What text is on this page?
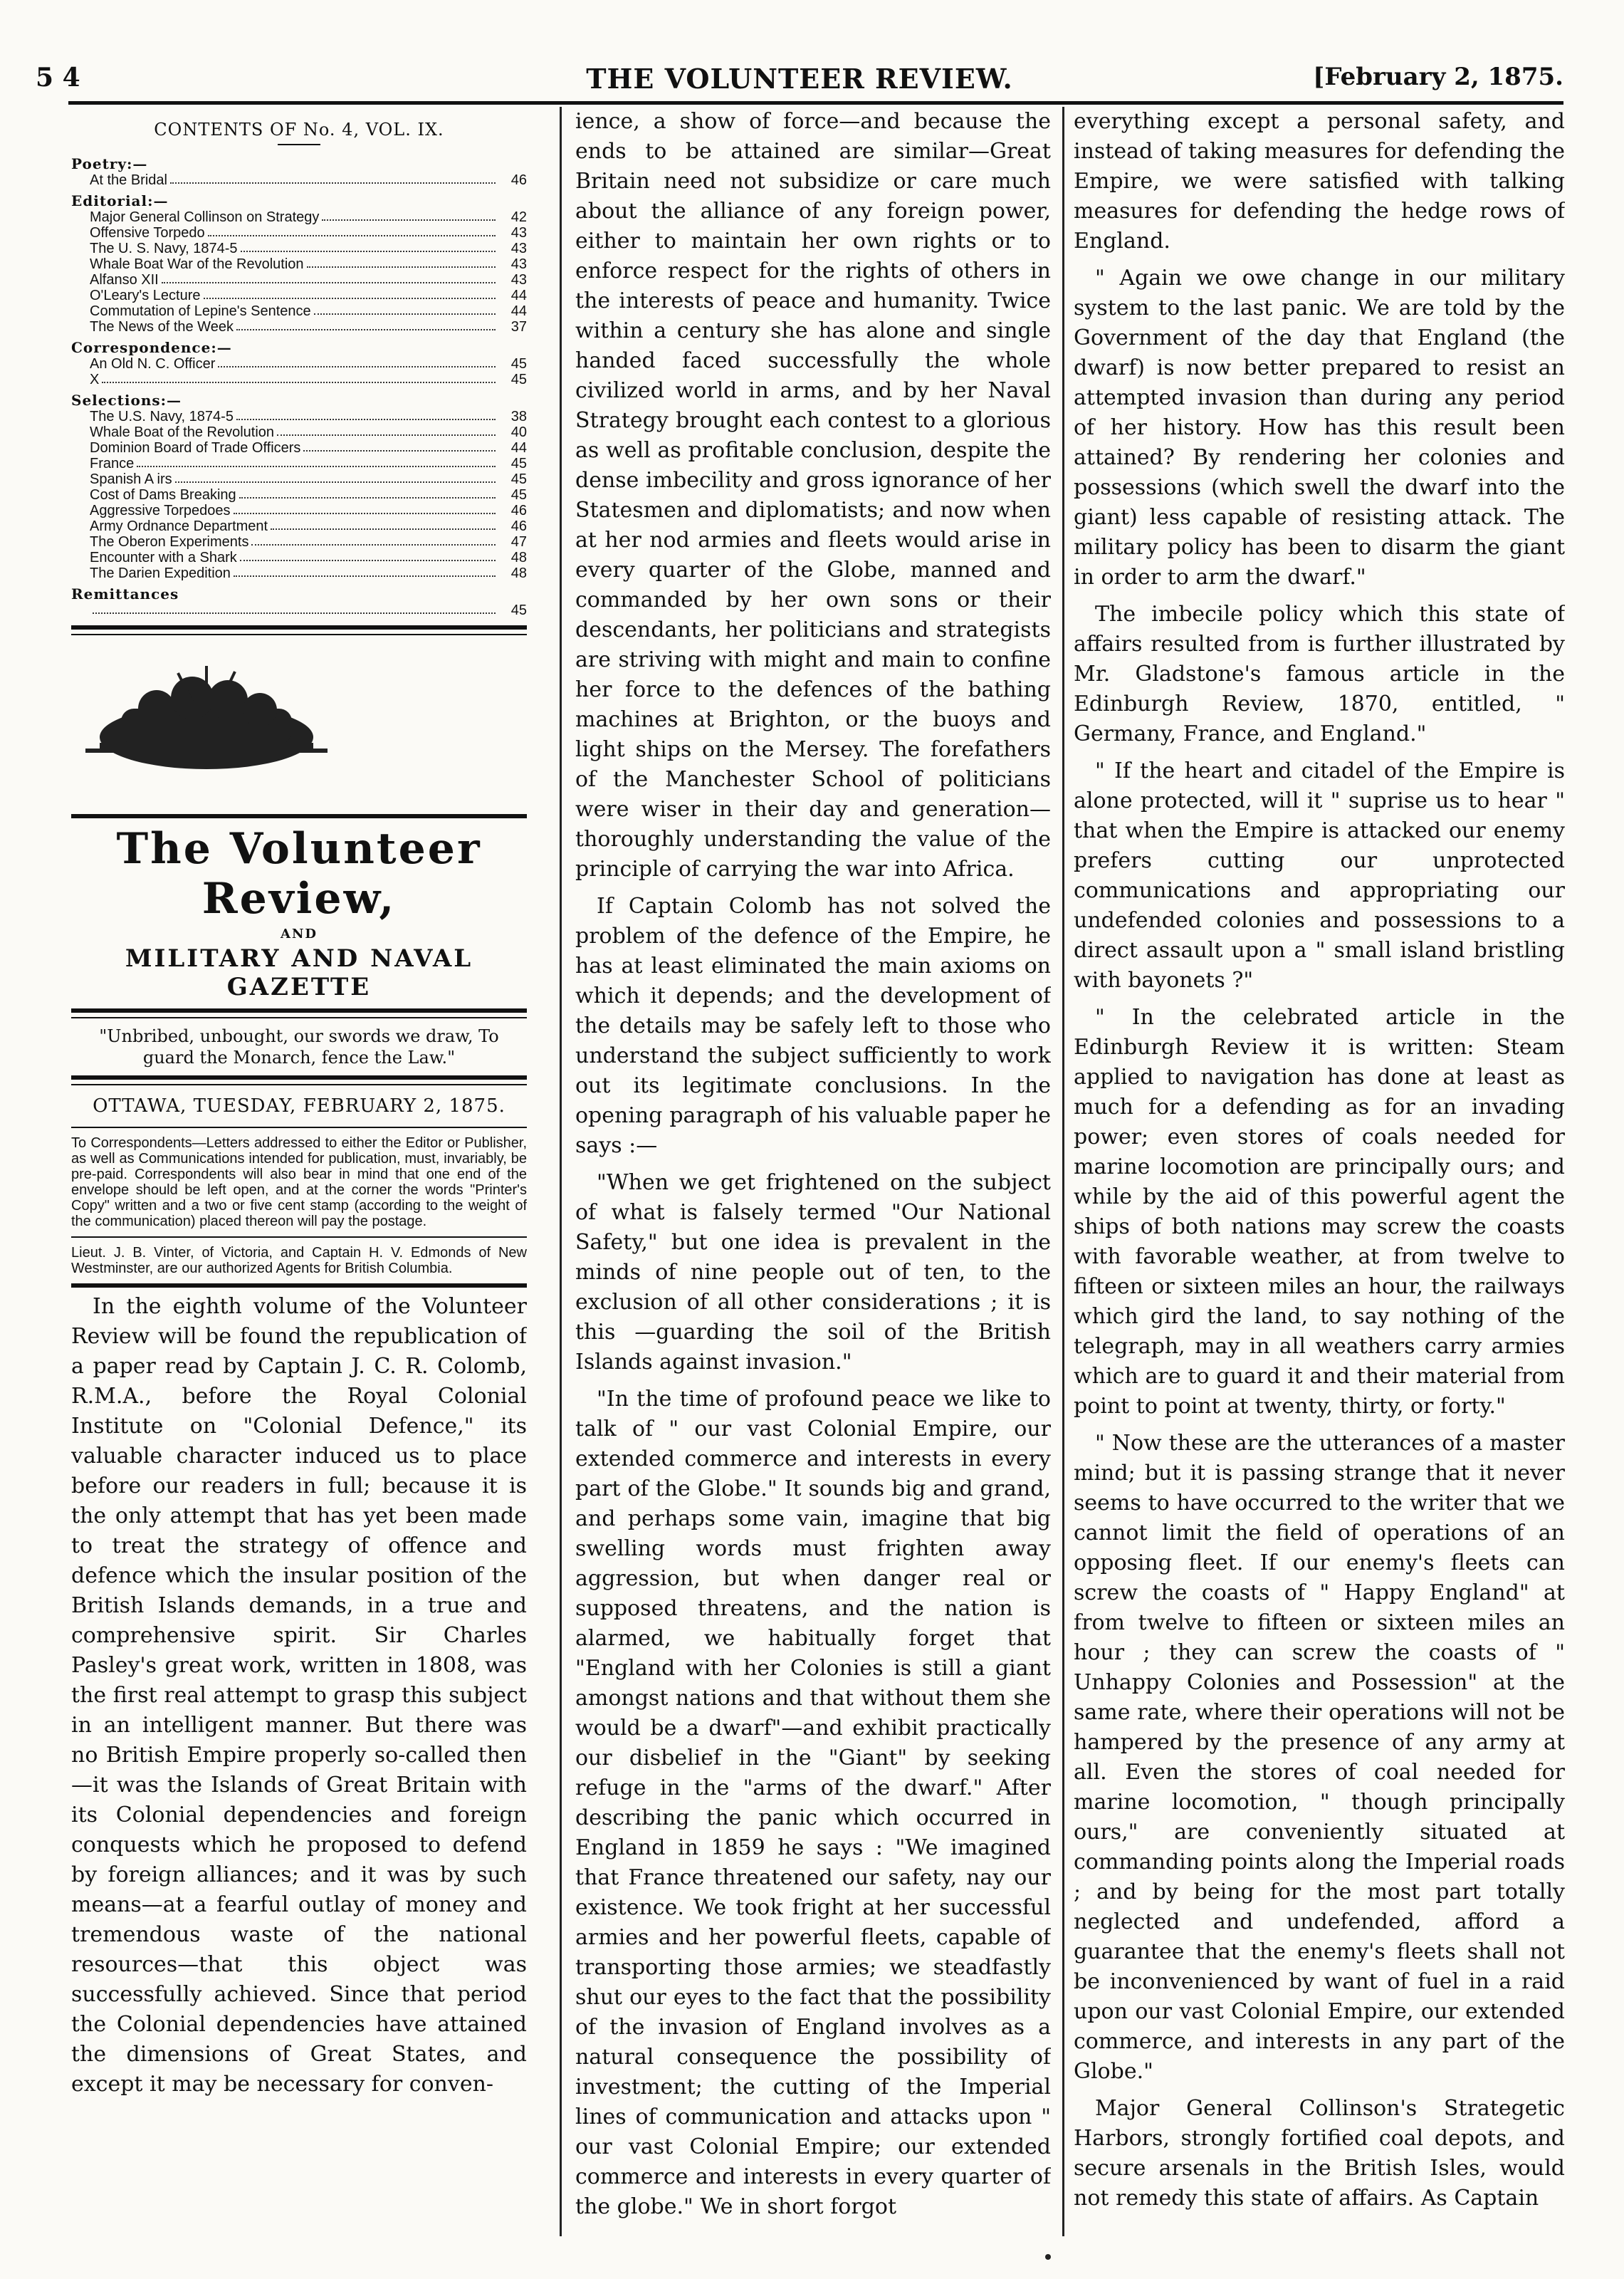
5 4	THE VOLUNTEER REVIEW.	[February 2, 1875.
CONTENTS OF No. 4, VOL. IX.
Poetry:—
At the Bridal	46
Editorial:—
Major General Collinson on Strategy	42
Offensive Torpedo	43
The U. S. Navy, 1874-5	43
Whale Boat War of the Revolution	43
Alfanso XII	43
O'Leary's Lecture	44
Commutation of Lepine's Sentence	44
The News of the Week	37
Correspondence:—
An Old N. C. Officer	45
X	45
Selections:—
The U.S. Navy, 1874-5	38
Whale Boat of the Revolution	40
Dominion Board of Trade Officers	44
France	45
Spanish A irs	45
Cost of Dams Breaking	45
Aggressive Torpedoes	46
Army Ordnance Department	46
The Oberon Experiments	47
Encounter with a Shark	48
The Darien Expedition	48
Remittances
45
The Volunteer Review,
AND
MILITARY AND NAVAL GAZETTE
"Unbribed, unbought, our swords we draw, To guard the Monarch, fence the Law."
OTTAWA, TUESDAY, FEBRUARY 2, 1875.
To Correspondents—Letters addressed to either the Editor or Publisher, as well as Communications intended for publication, must, invariably, be pre-paid. Correspondents will also bear in mind that one end of the envelope should be left open, and at the corner the words "Printer's Copy" written and a two or five cent stamp (according to the weight of the communication) placed thereon will pay the postage.
Lieut. J. B. Vinter, of Victoria, and Captain H. V. Edmonds of New Westminster, are our authorized Agents for British Columbia.

In the eighth volume of the Volunteer Review will be found the republication of a paper read by Captain J. C. R. Colomb, R.M.A., before the Royal Colonial Institute on "Colonial Defence," its valuable character induced us to place before our readers in full; because it is the only attempt that has yet been made to treat the strategy of offence and defence which the insular position of the British Islands demands, in a true and comprehensive spirit. Sir Charles Pasley's great work, written in 1808, was the first real attempt to grasp this subject in an intelligent manner. But there was no British Empire properly so-called then—it was the Islands of Great Britain with its Colonial dependencies and foreign conquests which he proposed to defend by foreign alliances; and it was by such means—at a fearful outlay of money and tremendous waste of the national resources—that this object was successfully achieved. Since that period the Colonial dependencies have attained the dimensions of Great States, and except it may be necessary for conven-

ience, a show of force—and because the ends to be attained are similar—Great Britain need not subsidize or care much about the alliance of any foreign power, either to maintain her own rights or to enforce respect for the rights of others in the interests of peace and humanity. Twice within a century she has alone and single handed faced successfully the whole civilized world in arms, and by her Naval Strategy brought each contest to a glorious as well as profitable conclusion, despite the dense imbecility and gross ignorance of her Statesmen and diplomatists; and now when at her nod armies and fleets would arise in every quarter of the Globe, manned and commanded by her own sons or their descendants, her politicians and strategists are striving with might and main to confine her force to the defences of the bathing machines at Brighton, or the buoys and light ships on the Mersey. The forefathers of the Manchester School of politicians were wiser in their day and generation—thoroughly understanding the value of the principle of carrying the war into Africa.

If Captain Colomb has not solved the problem of the defence of the Empire, he has at least eliminated the main axioms on which it depends; and the development of the details may be safely left to those who understand the subject sufficiently to work out its legitimate conclusions. In the opening paragraph of his valuable paper he says :—

"When we get frightened on the subject of what is falsely termed "Our National Safety," but one idea is prevalent in the minds of nine people out of ten, to the exclusion of all other considerations ; it is this —guarding the soil of the British Islands against invasion."

"In the time of profound peace we like to talk of " our vast Colonial Empire, our extended commerce and interests in every part of the Globe." It sounds big and grand, and perhaps some vain, imagine that big swelling words must frighten away aggression, but when danger real or supposed threatens, and the nation is alarmed, we habitually forget that "England with her Colonies is still a giant amongst nations and that without them she would be a dwarf"—and exhibit practically our disbelief in the "Giant" by seeking refuge in the "arms of the dwarf." After describing the panic which occurred in England in 1859 he says : "We imagined that France threatened our safety, nay our existence. We took fright at her successful armies and her powerful fleets, capable of transporting those armies; we steadfastly shut our eyes to the fact that the possibility of the invasion of England involves as a natural consequence the possibility of investment; the cutting of the Imperial lines of communication and attacks upon " our vast Colonial Empire; our extended commerce and interests in every quarter of the globe." We in short forgot

everything except a personal safety, and instead of taking measures for defending the Empire, we were satisfied with talking measures for defending the hedge rows of England.

" Again we owe change in our military system to the last panic. We are told by the Government of the day that England (the dwarf) is now better prepared to resist an attempted invasion than during any period of her history. How has this result been attained? By rendering her colonies and possessions (which swell the dwarf into the giant) less capable of resisting attack. The military policy has been to disarm the giant in order to arm the dwarf."

The imbecile policy which this state of affairs resulted from is further illustrated by Mr. Gladstone's famous article in the Edinburgh Review, 1870, entitled, " Germany, France, and England."

" If the heart and citadel of the Empire is alone protected, will it " suprise us to hear " that when the Empire is attacked our enemy prefers cutting our unprotected communications and appropriating our undefended colonies and possessions to a direct assault upon a " small island bristling with bayonets ?"

" In the celebrated article in the Edinburgh Review it is written: Steam applied to navigation has done at least as much for a defending as for an invading power; even stores of coals needed for marine locomotion are principally ours; and while by the aid of this powerful agent the ships of both nations may screw the coasts with favorable weather, at from twelve to fifteen or sixteen miles an hour, the railways which gird the land, to say nothing of the telegraph, may in all weathers carry armies which are to guard it and their material from point to point at twenty, thirty, or forty."

" Now these are the utterances of a master mind; but it is passing strange that it never seems to have occurred to the writer that we cannot limit the field of operations of an opposing fleet. If our enemy's fleets can screw the coasts of " Happy England" at from twelve to fifteen or sixteen miles an hour ; they can screw the coasts of " Unhappy Colonies and Possession" at the same rate, where their operations will not be hampered by the presence of any army at all. Even the stores of coal needed for marine locomotion, " though principally ours," are conveniently situated at commanding points along the Imperial roads ; and by being for the most part totally neglected and undefended, afford a guarantee that the enemy's fleets shall not be inconvenienced by want of fuel in a raid upon our vast Colonial Empire, our extended commerce, and interests in any part of the Globe."

Major General Collinson's Strategetic Harbors, strongly fortified coal depots, and secure arsenals in the British Isles, would not remedy this state of affairs. As Captain
